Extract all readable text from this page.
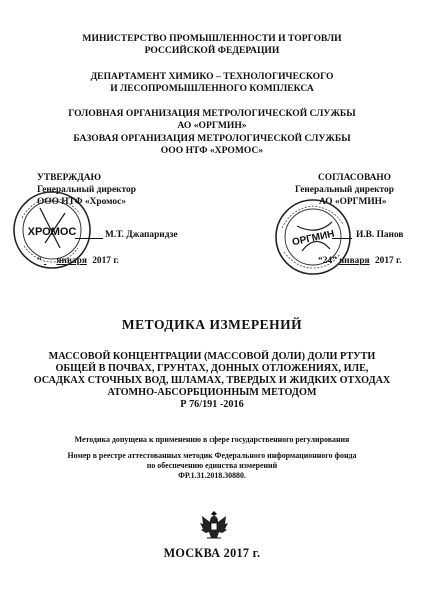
МИНИСТЕРСТВО ПРОМЫШЛЕННОСТИ И ТОРГОВЛИ
РОССИЙСКОЙ ФЕДЕРАЦИИ
ДЕПАРТАМЕНТ ХИМИКО – ТЕХНОЛОГИЧЕСКОГО
И ЛЕСОПРОМЫШЛЕННОГО КОМПЛЕКСА
ГОЛОВНАЯ ОРГАНИЗАЦИЯ МЕТРОЛОГИЧЕСКОЙ СЛУЖБЫ
АО «ОРГМИН»
БАЗОВАЯ ОРГАНИЗАЦИЯ МЕТРОЛОГИЧЕСКОЙ СЛУЖБЫ
ООО НТФ «ХРОМОС»
УТВЕРЖДАЮ
Генеральный директор
ООО НТФ «Хромос»
М.Т. Джапаридзе
“ января 2017 г.
ХРОМОС
СОГЛАСОВАНО
Генеральный директор
АО «ОРГМИН»
И.В. Панов
“24” января 2017 г.
ОРГМИН
МЕТОДИКА ИЗМЕРЕНИЙ
МАССОВОЙ КОНЦЕНТРАЦИИ (МАССОВОЙ ДОЛИ) ДОЛИ РТУТИ
ОБЩЕЙ В ПОЧВАХ, ГРУНТАХ, ДОННЫХ ОТЛОЖЕНИЯХ, ИЛЕ,
ОСАДКАХ СТОЧНЫХ ВОД, ШЛАМАХ, ТВЕРДЫХ И ЖИДКИХ ОТХОДАХ
АТОМНО-АБСОРБЦИОННЫМ МЕТОДОМ
Р 76/191 -2016
Методика допущена к применению в сфере государственного регулирования
Номер в реестре аттестованных методик Федерального информационного фонда
по обеспечению единства измерений
ФР.1.31.2018.30880.
МОСКВА 2017 г.
